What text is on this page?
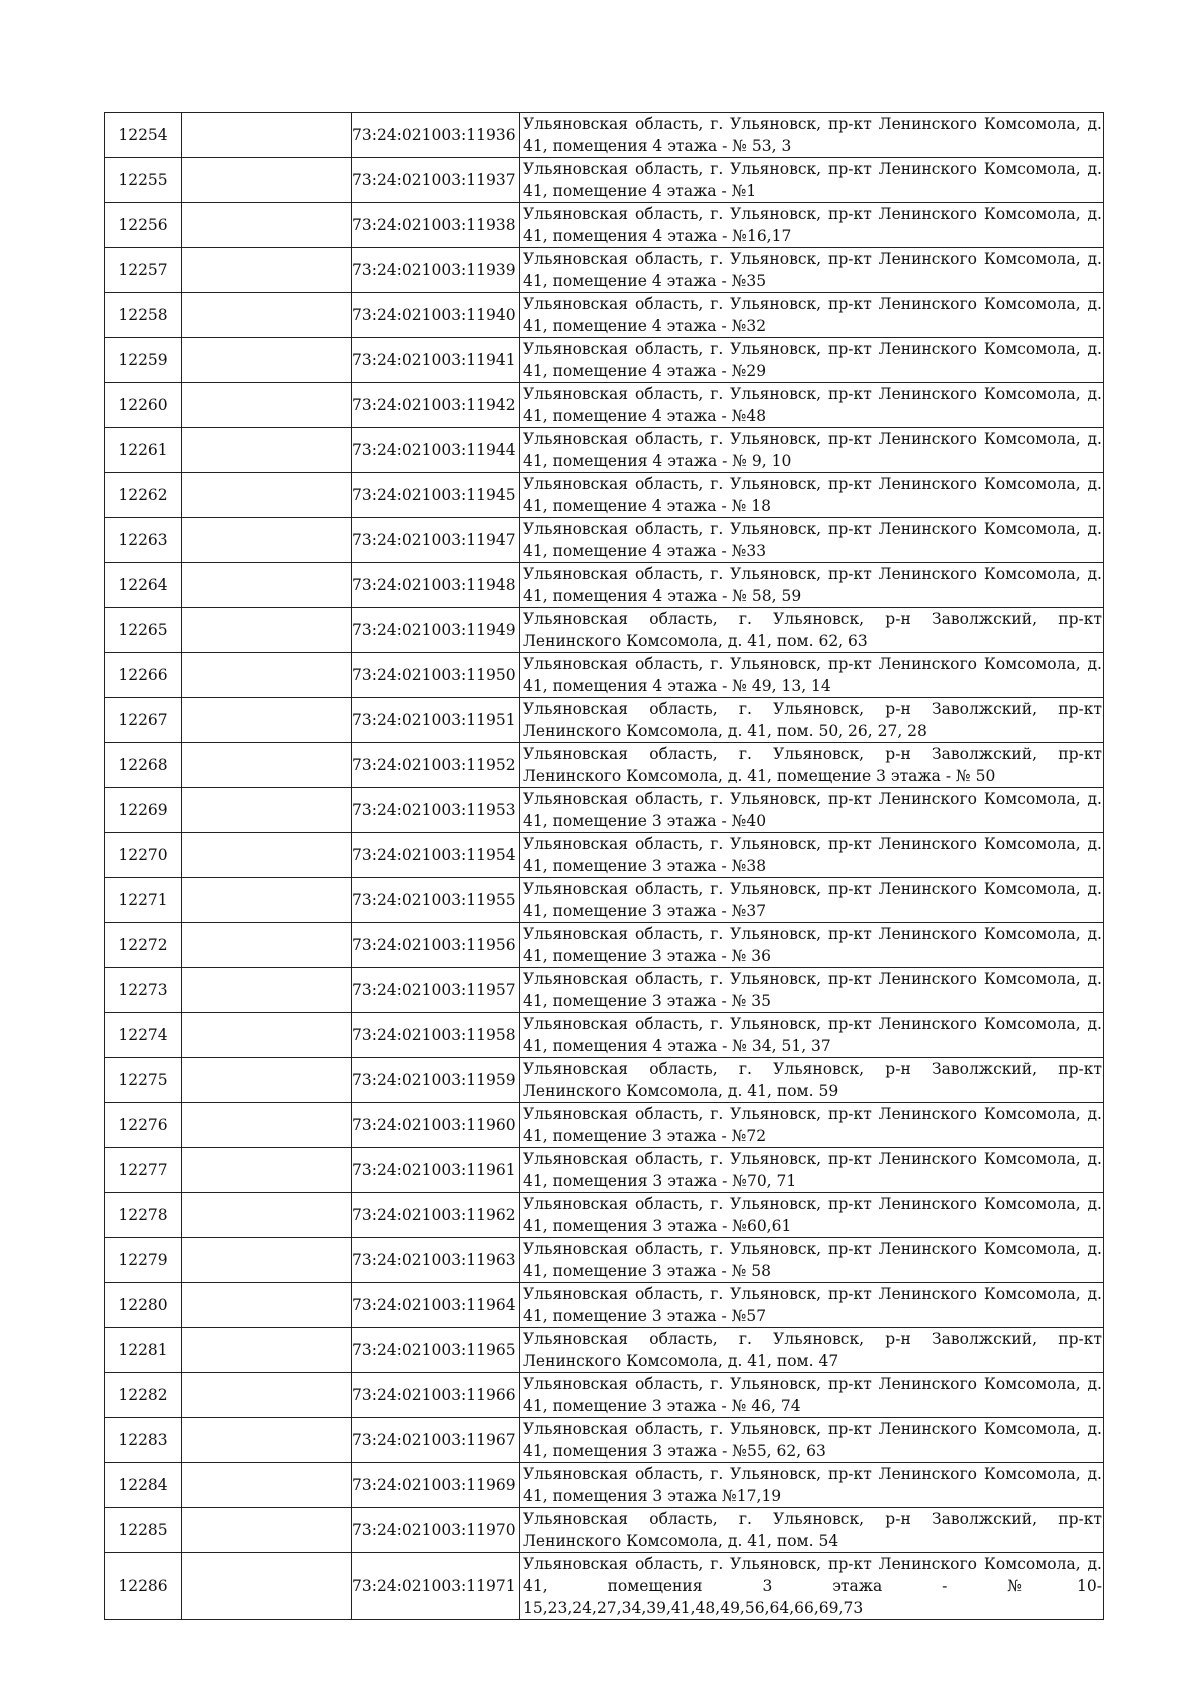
12254		73:24:021003:11936	Ульяновская область, г. Ульяновск, пр-кт Ленинского Комсомола, д. 41, помещения 4 этажа - № 53, 3
12255		73:24:021003:11937	Ульяновская область, г. Ульяновск, пр-кт Ленинского Комсомола, д. 41, помещение 4 этажа - №1
12256		73:24:021003:11938	Ульяновская область, г. Ульяновск, пр-кт Ленинского Комсомола, д. 41, помещения 4 этажа - №16,17
12257		73:24:021003:11939	Ульяновская область, г. Ульяновск, пр-кт Ленинского Комсомола, д. 41, помещение 4 этажа - №35
12258		73:24:021003:11940	Ульяновская область, г. Ульяновск, пр-кт Ленинского Комсомола, д. 41, помещение 4 этажа - №32
12259		73:24:021003:11941	Ульяновская область, г. Ульяновск, пр-кт Ленинского Комсомола, д. 41, помещение 4 этажа - №29
12260		73:24:021003:11942	Ульяновская область, г. Ульяновск, пр-кт Ленинского Комсомола, д. 41, помещение 4 этажа - №48
12261		73:24:021003:11944	Ульяновская область, г. Ульяновск, пр-кт Ленинского Комсомола, д. 41, помещения 4 этажа - № 9, 10
12262		73:24:021003:11945	Ульяновская область, г. Ульяновск, пр-кт Ленинского Комсомола, д. 41, помещение 4 этажа - № 18
12263		73:24:021003:11947	Ульяновская область, г. Ульяновск, пр-кт Ленинского Комсомола, д. 41, помещение 4 этажа - №33
12264		73:24:021003:11948	Ульяновская область, г. Ульяновск, пр-кт Ленинского Комсомола, д. 41, помещения 4 этажа - № 58, 59
12265		73:24:021003:11949	Ульяновская область, г. Ульяновск, р-н Заволжский, пр-кт Ленинского Комсомола, д. 41, пом. 62, 63
12266		73:24:021003:11950	Ульяновская область, г. Ульяновск, пр-кт Ленинского Комсомола, д. 41, помещения 4 этажа - № 49, 13, 14
12267		73:24:021003:11951	Ульяновская область, г. Ульяновск, р-н Заволжский, пр-кт Ленинского Комсомола, д. 41, пом. 50, 26, 27, 28
12268		73:24:021003:11952	Ульяновская область, г. Ульяновск, р-н Заволжский, пр-кт Ленинского Комсомола, д. 41, помещение 3 этажа - № 50
12269		73:24:021003:11953	Ульяновская область, г. Ульяновск, пр-кт Ленинского Комсомола, д. 41, помещение 3 этажа - №40
12270		73:24:021003:11954	Ульяновская область, г. Ульяновск, пр-кт Ленинского Комсомола, д. 41, помещение 3 этажа - №38
12271		73:24:021003:11955	Ульяновская область, г. Ульяновск, пр-кт Ленинского Комсомола, д. 41, помещение 3 этажа - №37
12272		73:24:021003:11956	Ульяновская область, г. Ульяновск, пр-кт Ленинского Комсомола, д. 41, помещение 3 этажа - № 36
12273		73:24:021003:11957	Ульяновская область, г. Ульяновск, пр-кт Ленинского Комсомола, д. 41, помещение 3 этажа - № 35
12274		73:24:021003:11958	Ульяновская область, г. Ульяновск, пр-кт Ленинского Комсомола, д. 41, помещения 4 этажа - № 34, 51, 37
12275		73:24:021003:11959	Ульяновская область, г. Ульяновск, р-н Заволжский, пр-кт Ленинского Комсомола, д. 41, пом. 59
12276		73:24:021003:11960	Ульяновская область, г. Ульяновск, пр-кт Ленинского Комсомола, д. 41, помещение 3 этажа - №72
12277		73:24:021003:11961	Ульяновская область, г. Ульяновск, пр-кт Ленинского Комсомола, д. 41, помещения 3 этажа - №70, 71
12278		73:24:021003:11962	Ульяновская область, г. Ульяновск, пр-кт Ленинского Комсомола, д. 41, помещения 3 этажа - №60,61
12279		73:24:021003:11963	Ульяновская область, г. Ульяновск, пр-кт Ленинского Комсомола, д. 41, помещение 3 этажа - № 58
12280		73:24:021003:11964	Ульяновская область, г. Ульяновск, пр-кт Ленинского Комсомола, д. 41, помещение 3 этажа - №57
12281		73:24:021003:11965	Ульяновская область, г. Ульяновск, р-н Заволжский, пр-кт Ленинского Комсомола, д. 41, пом. 47
12282		73:24:021003:11966	Ульяновская область, г. Ульяновск, пр-кт Ленинского Комсомола, д. 41, помещение 3 этажа - № 46, 74
12283		73:24:021003:11967	Ульяновская область, г. Ульяновск, пр-кт Ленинского Комсомола, д. 41, помещения 3 этажа - №55, 62, 63
12284		73:24:021003:11969	Ульяновская область, г. Ульяновск, пр-кт Ленинского Комсомола, д. 41, помещения 3 этажа №17,19
12285		73:24:021003:11970	Ульяновская область, г. Ульяновск, р-н Заволжский, пр-кт Ленинского Комсомола, д. 41, пом. 54
12286		73:24:021003:11971	Ульяновская область, г. Ульяновск, пр-кт Ленинского Комсомола, д. 41, помещения 3 этажа - №10-15,23,24,27,34,39,41,48,49,56,64,66,69,73
